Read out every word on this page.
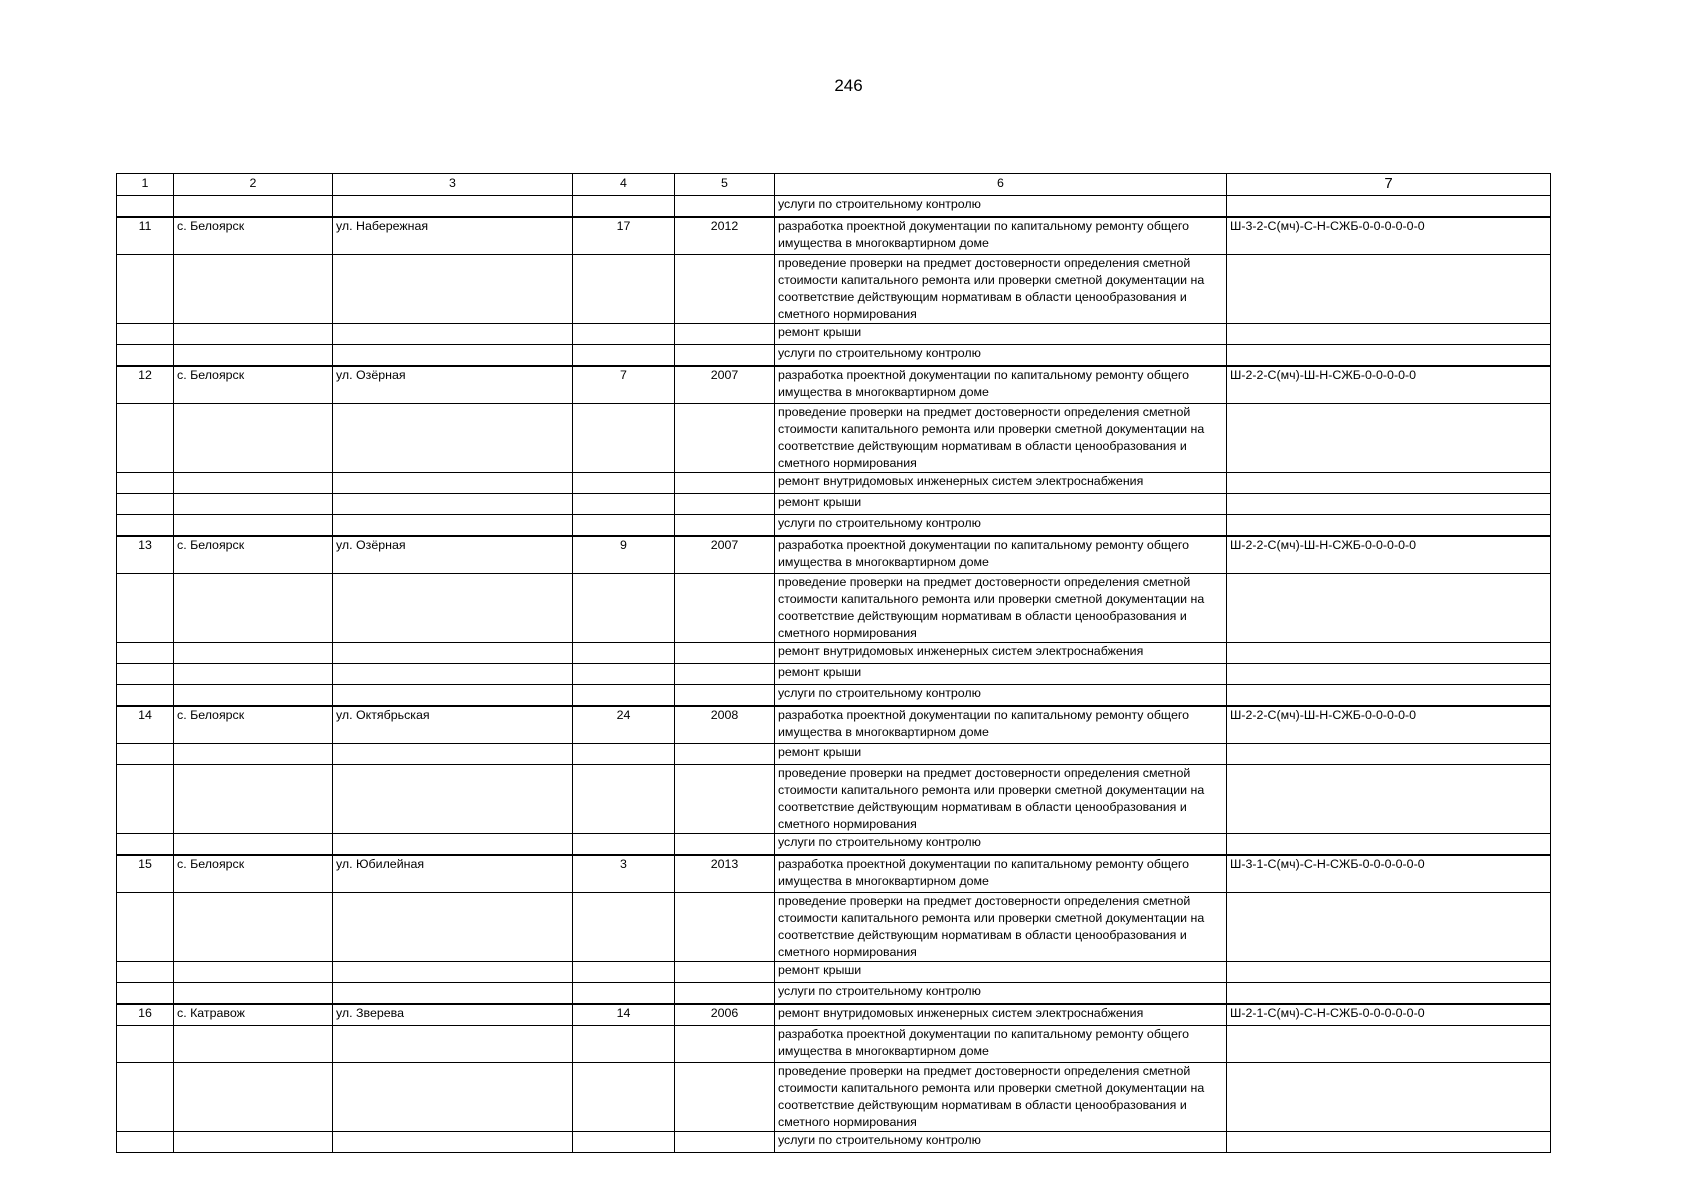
246
1	2	3	4	5	6	7
					услуги по строительному контролю	
11	с. Белоярск	ул. Набережная	17	2012	разработка проектной документации по капитальному ремонту общего имущества в многоквартирном доме	Ш-3-2-С(мч)-С-Н-СЖБ-0-0-0-0-0-0
					проведение проверки на предмет достоверности определения сметной стоимости капитального ремонта или проверки сметной документации на соответствие действующим нормативам в области ценообразования и сметного нормирования	
					ремонт крыши	
					услуги по строительному контролю	
12	с. Белоярск	ул. Озёрная	7	2007	разработка проектной документации по капитальному ремонту общего имущества в многоквартирном доме	Ш-2-2-С(мч)-Ш-Н-СЖБ-0-0-0-0-0
					проведение проверки на предмет достоверности определения сметной стоимости капитального ремонта или проверки сметной документации на соответствие действующим нормативам в области ценообразования и сметного нормирования	
					ремонт внутридомовых инженерных систем электроснабжения	
					ремонт крыши	
					услуги по строительному контролю	
13	с. Белоярск	ул. Озёрная	9	2007	разработка проектной документации по капитальному ремонту общего имущества в многоквартирном доме	Ш-2-2-С(мч)-Ш-Н-СЖБ-0-0-0-0-0
					проведение проверки на предмет достоверности определения сметной стоимости капитального ремонта или проверки сметной документации на соответствие действующим нормативам в области ценообразования и сметного нормирования	
					ремонт внутридомовых инженерных систем электроснабжения	
					ремонт крыши	
					услуги по строительному контролю	
14	с. Белоярск	ул. Октябрьская	24	2008	разработка проектной документации по капитальному ремонту общего имущества в многоквартирном доме	Ш-2-2-С(мч)-Ш-Н-СЖБ-0-0-0-0-0
					ремонт крыши	
					проведение проверки на предмет достоверности определения сметной стоимости капитального ремонта или проверки сметной документации на соответствие действующим нормативам в области ценообразования и сметного нормирования	
					услуги по строительному контролю	
15	с. Белоярск	ул. Юбилейная	3	2013	разработка проектной документации по капитальному ремонту общего имущества в многоквартирном доме	Ш-3-1-С(мч)-С-Н-СЖБ-0-0-0-0-0-0
					проведение проверки на предмет достоверности определения сметной стоимости капитального ремонта или проверки сметной документации на соответствие действующим нормативам в области ценообразования и сметного нормирования	
					ремонт крыши	
					услуги по строительному контролю	
16	с. Катравож	ул. Зверева	14	2006	ремонт внутридомовых инженерных систем электроснабжения	Ш-2-1-С(мч)-С-Н-СЖБ-0-0-0-0-0-0
					разработка проектной документации по капитальному ремонту общего имущества в многоквартирном доме	
					проведение проверки на предмет достоверности определения сметной стоимости капитального ремонта или проверки сметной документации на соответствие действующим нормативам в области ценообразования и сметного нормирования	
					услуги по строительному контролю	
